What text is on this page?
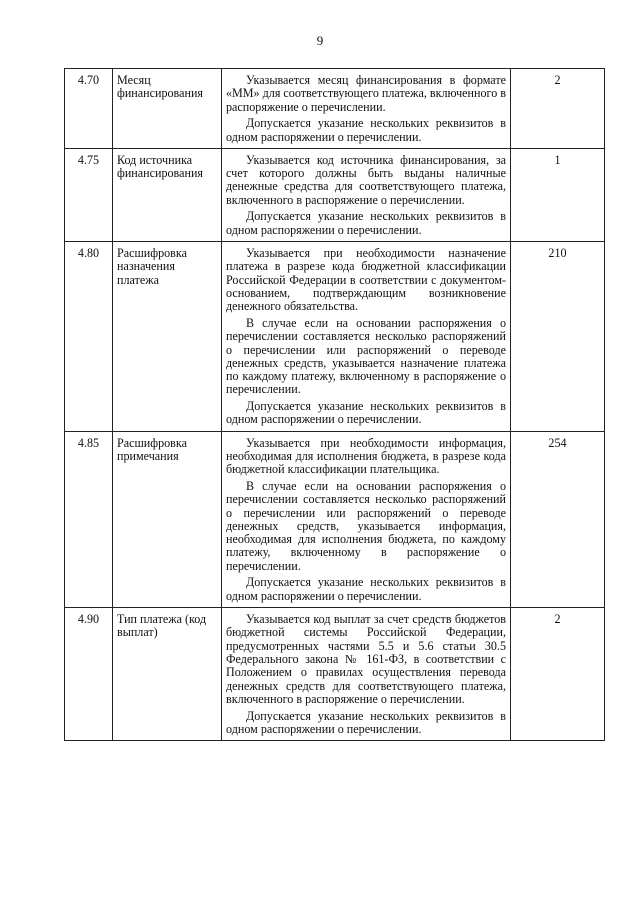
9
4.70	Месяц финансирования	Указывается месяц финансирования в формате «ММ» для соответствующего платежа, включенного в распоряжение о перечислении.

Допускается указание нескольких реквизитов в одном распоряжении о перечислении.	2
4.75	Код источника финансирования	Указывается код источника финансирования, за счет которого должны быть выданы наличные денежные средства для соответствующего платежа, включенного в распоряжение о перечислении.

Допускается указание нескольких реквизитов в одном распоряжении о перечислении.	1
4.80	Расшифровка назначения платежа	Указывается при необходимости назначение платежа в разрезе кода бюджетной классификации Российской Федерации в соответствии с документом-основанием, подтверждающим возникновение денежного обязательства.

В случае если на основании распоряжения о перечислении составляется несколько распоряжений о перечислении или распоряжений о переводе денежных средств, указывается назначение платежа по каждому платежу, включенному в распоряжение о перечислении.

Допускается указание нескольких реквизитов в одном распоряжении о перечислении.	210
4.85	Расшифровка примечания	Указывается при необходимости информация, необходимая для исполнения бюджета, в разрезе кода бюджетной классификации плательщика.

В случае если на основании распоряжения о перечислении составляется несколько распоряжений о перечислении или распоряжений о переводе денежных средств, указывается информация, необходимая для исполнения бюджета, по каждому платежу, включенному в распоряжение о перечислении.

Допускается указание нескольких реквизитов в одном распоряжении о перечислении.	254
4.90	Тип платежа (код выплат)	Указывается код выплат за счет средств бюджетов бюджетной системы Российской Федерации, предусмотренных частями 5.5 и 5.6 статьи 30.5 Федерального закона № 161-ФЗ, в соответствии с Положением о правилах осуществления перевода денежных средств для соответствующего платежа, включенного в распоряжение о перечислении.

Допускается указание нескольких реквизитов в одном распоряжении о перечислении.	2
